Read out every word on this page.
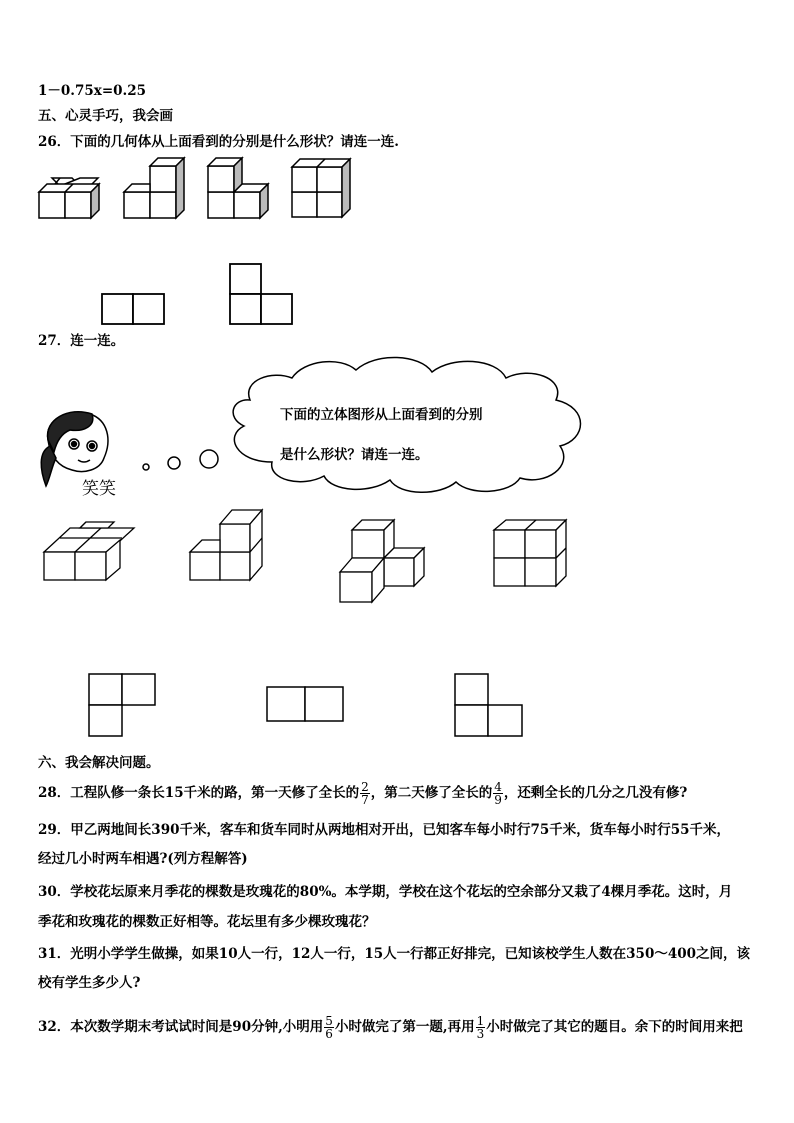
1－0.75x=0.25
五、心灵手巧，我会画
26．下面的几何体从上面看到的分别是什么形状？请连一连.
27．连一连。
笑笑
下面的立体图形从上面看到的分别
是什么形状？请连一连。
六、我会解决问题。
28．工程队修一条长15千米的路，第一天修了全长的 $\frac{2}{7}$ ，第二天修了全长的 $\frac{4}{9}$ ，还剩全长的几分之几没有修?
29．甲乙两地间长390千米，客车和货车同时从两地相对开出，已知客车每小时行75千米，货车每小时行55千米，
经过几小时两车相遇?(列方程解答)
30．学校花坛原来月季花的棵数是玫瑰花的80%。本学期，学校在这个花坛的空余部分又栽了4棵月季花。这时，月
季花和玫瑰花的棵数正好相等。花坛里有多少棵玫瑰花？
31．光明小学学生做操，如果10人一行，12人一行，15人一行都正好排完，已知该校学生人数在350～400之间，该
校有学生多少人?
32．本次数学期末考试试时间是90分钟,小明用 $\frac{5}{6}$ 小时做完了第一题,再用 $\frac{1}{3}$ 小时做完了其它的题目。余下的时间用来把
